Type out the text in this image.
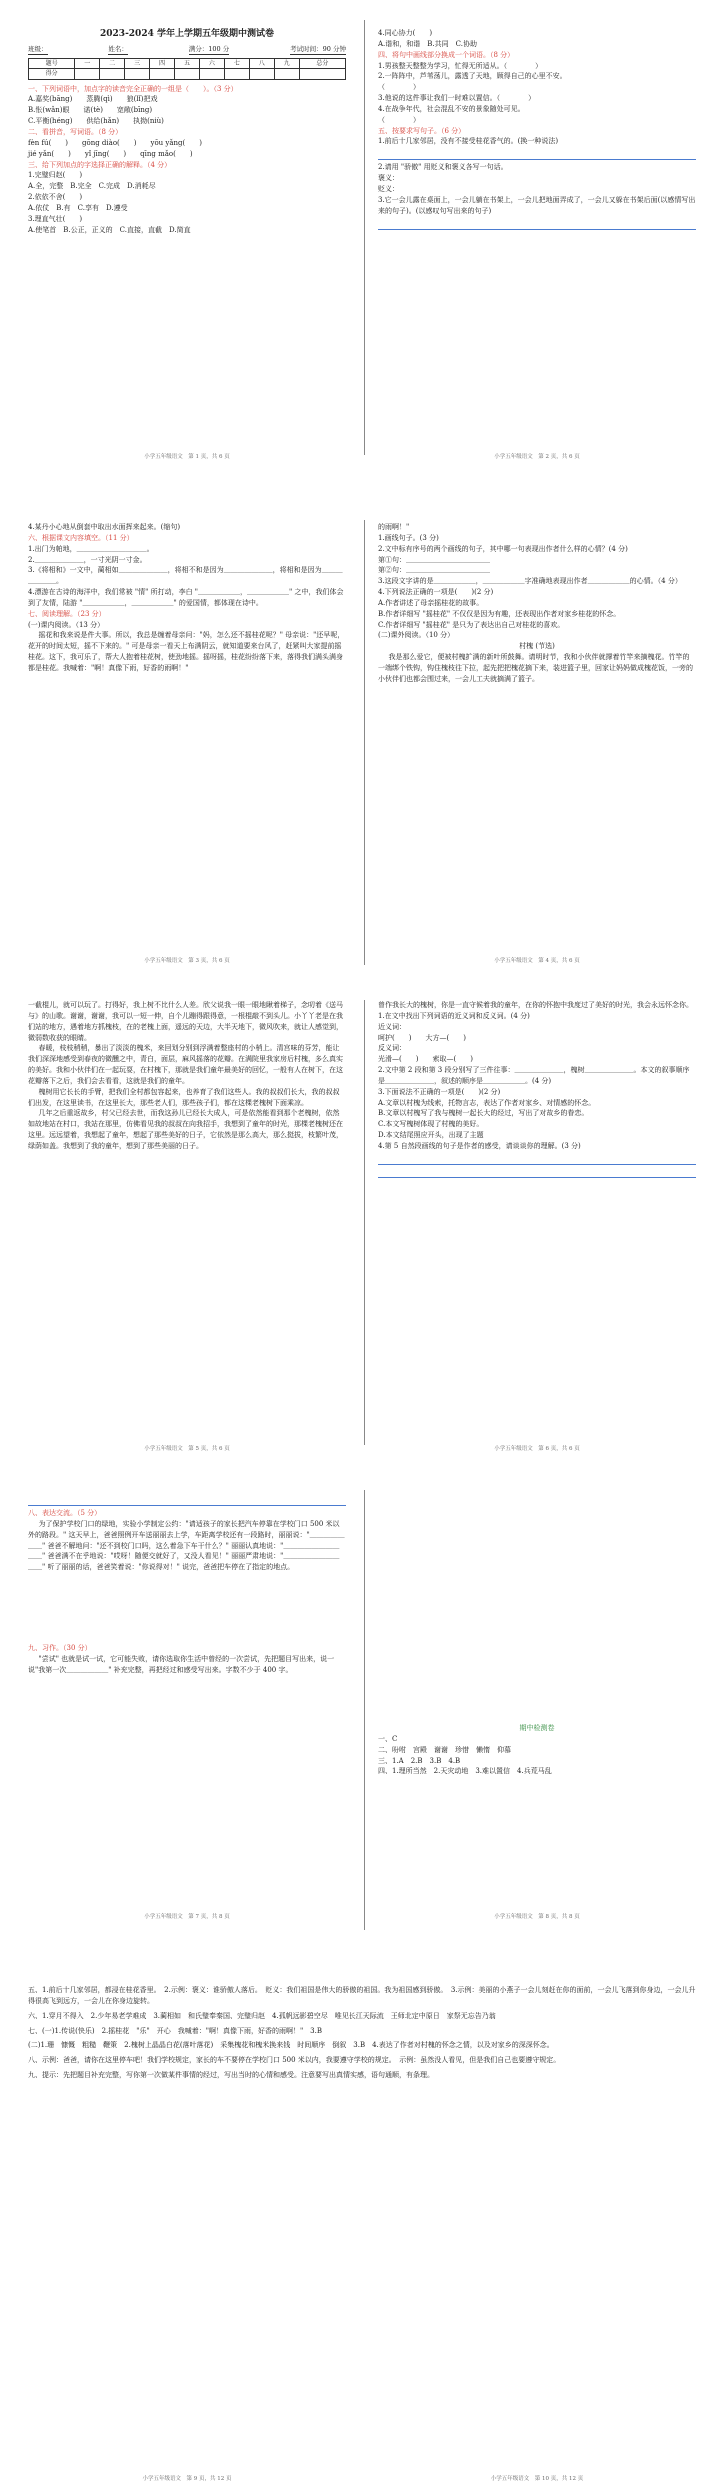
2023-2024 学年上学期五年级期中测试卷
班级：	姓名：	满分：100 分	考试时间：90 分钟
题号	一	二	三	四	五	六	七	八	九	总分
得分										

一、下列词语中，加点字的读音完全正确的一组是（　　）。（3 分）

A.嘉奖(bāng)　　蒸腾(qì)　　狼(lǐ)把戏

B.怅(wǎn)眼　　诺(tè)　　宽敞(bīng)

C.平衡(hénɡ)　　供给(hǎn)　　执拗(niù)

二、看拼音，写词语。（8 分）

fèn fú(　　)　　gōng diào(　　)　　yōu yǎng(　　)

jié yǎn(　　)　　yǐ jīng(　　)　　qīng mǎo(　　)

三、给下列加点的字选择正确的解释。（4 分）

1.完璧归赵(　　)

A.全，完整　B.完全　C.完成　D.消耗尽

2.依依不舍(　　)

A.依仗　B.有　C.享有　D.遵受

3.理直气壮(　　)

A.使笔首　B.公正，正义的　C.直接，直截　D.简直

小学五年级语文　第 1 页，共 6 页

4.同心协力(　　)

A.谐和，和谐　B.共同　C.协助

四、将句中画线部分换成一个词语。（8 分）

1.男孩整天整整为学习，忙得无所适从。（　　　　）

2.一阵阵中，芦苇荡儿，露透了天地，顾得自己的心里不安。

（　　　　）

3.他说的这件事让我们一时难以置信。（　　　　）

4.在战争年代，社会混乱不安的景象随处可见。

（　　　　）

五、按要求写句子。（6 分）

1.前后十几家邻居，没有不接受桂花香气的。(换一种说法)

2.请用 "骄傲" 用贬义和褒义各写一句话。

褒义：

贬义：

3.它一会儿露在桌面上，一会儿躺在书架上，一会儿把地面弄成了，一会儿又躲在书架后面(以感情写出来的句子)。(以感叹句写出来的句子)

小学五年级语文　第 2 页，共 6 页

4.某丹小心地从倒套中取出水面挥来起来。(缩句)

六、根据课文内容填空。（11 分）

1.出门为帕地，＿＿＿＿＿＿＿＿＿＿。

2.＿＿＿＿＿＿＿，一寸光阴一寸金。

3.《将相和》一文中，蔺相如＿＿＿＿＿＿＿，将相不和是因为＿＿＿＿＿＿＿，将相和是因为＿＿＿＿＿＿＿。

4.漂游在古诗的海洋中，我们常被 "情" 所打动，李白 "＿＿＿＿＿＿，＿＿＿＿＿＿" 之中，我们体会到了友情，陆游 "＿＿＿＿＿＿，＿＿＿＿＿＿" 的爱国情，都体现在诗中。

七、阅读理解。（23 分）

(一)课内阅读。（13 分）

摇花和我来说是件大事。所以，我总是缠着母亲问："妈，怎么还不摇桂花呢？" 母亲说："还早呢，花开的时间太短，摇不下来的。" 可是母亲一看天上布满阴云，就知道要来台风了，赶紧叫大家提前摇桂花。这下，我可乐了，帮大人抱着桂花树，使劲地摇。摇呀摇，桂花纷纷落下来，落得我们满头满身都是桂花。我喊着："啊！真像下雨，好香的雨啊！"

小学五年级语文　第 3 页，共 6 页

的雨啊！"

1.画线句子。(3 分)

2.文中标有序号的两个画线的句子，其中哪一句表现出作者什么样的心情？(4 分)

第①句：＿＿＿＿＿＿＿＿＿＿＿＿

第②句：＿＿＿＿＿＿＿＿＿＿＿＿

3.这段文字讲的是＿＿＿＿＿＿，＿＿＿＿＿＿字准确地表现出作者＿＿＿＿＿＿的心情。（4 分）

4.下列说法正确的一项是(　　)(2 分)

A.作者讲述了母亲摇桂花的故事。

B.作者详细写 "摇桂花" 不仅仅是因为有趣，还表现出作者对家乡桂花的怀念。

C.作者详细写 "摇桂花" 是只为了表达出自己对桂花的喜欢。

(二)课外阅读。（10 分）

村槐 (节选)

我是那么爱它，便被村槐扩满的新叶所鼓舞。请明时节，我和小伙伴就撑着竹竿来摘槐花。竹竿的一端绑个铁钩，钩住槐枝往下拉，起先把把槐花摘下来，装进篮子里，回家让妈妈做成槐花饭，一旁的小伙伴们也都会围过来，一会儿工夫就摘满了篮子。

小学五年级语文　第 4 页，共 6 页

一截棍儿，就可以玩了。打得好，我上树不比什么人差。欣父说我一眼一眼地瞅着梯子，念叨着《送马与》的山歌。谢谢，谢谢，我可以一短一伸，自个儿蹦得跟得意，一根棍敲不到头儿。小丫丫老是在我们站的地方，遇着地方抓槐枝，在的老槐上面，遥远的天边，大半天地下，微风吹来，就让人感觉到，微弱数收获的眼睛。

春暖，枝枝稍稍，暴出了淡淡的槐米，来回划分别到浮满着整座村的小梢上。清宫味的芬芳，能让我们深深地感受到春夜的微醺之中，青白，面层，麻风摇落的花瓣。在满院里我家房后村槐，多么真实的美好。我和小伙伴们在一起玩耍，在村槐下，那就是我们童年最美好的回忆，一般有人在树下，在这花瓣落下之后，我们会去看看，这就是我们的童年。

槐树用它长长的手臂，把我们全村都包容起来，也养育了我们这些人。我的叔叔们长大，我的叔叔们出发，在这里读书，在这里长大，那些老人们，那些孩子们，都在这棵老槐树下面乘凉。

几年之后重返故乡，村父已经去世，而我这孙儿已经长大成人，可是依然能看到那个老槐树，依然如故地站在村口，我站在那里，仿佛看见我的叔叔在向我招手，我想到了童年的时光，那棵老槐树还在这里。远远望着，我想起了童年，想起了那些美好的日子，它依然是那么高大，那么挺拔，枝繁叶茂，绿荫如盖。我想到了我的童年，想到了那些美丽的日子。

小学五年级语文　第 5 页，共 6 页

曾作我长大的槐树，你是一直守候着我的童年，在你的怀抱中我度过了美好的时光，我会永远怀念你。

1.在文中找出下列词语的近义词和反义词。(4 分)

近义词：

呵护(　　)　　大方—(　　)

反义词：

光滑—(　　)　　索取—(　　)

2.文中第 2 段和第 3 段分别写了三件往事：＿＿＿＿＿＿＿，槐树＿＿＿＿＿＿＿。本文的叙事顺序是＿＿＿＿＿＿＿，叙述的顺序是＿＿＿＿＿＿。(4 分)

3.下面说法不正确的一项是(　　)(2 分)

A.文章以村槐为线索，托物言志，表达了作者对家乡、对情感的怀念。

B.文章以村槐写了我与槐树一起长大的经过，写出了对故乡的眷恋。

C.本文写槐树体现了村槐的美好。

D.本文结尾照应开头，出现了主题

4.第 5 自然段画线的句子是作者的感受，请谈谈你的理解。(3 分)

小学五年级语文　第 6 页，共 6 页

八、表达交流。（5 分）

为了保护学校门口的绿地，实验小学制定公约："请适孩子的家长把汽车停靠在学校门口 500 米以外的路段。" 这天早上，爸爸照例开车送丽丽去上学，车距离学校还有一段路时，丽丽说："＿＿＿＿＿＿＿" 爸爸不解地问："还不到校门口吗，这么着急下车干什么？" 丽丽认真地说："＿＿＿＿＿＿＿＿＿＿" 爸爸满不在乎地说："哎呀！随便交就好了，又没人看见！" 丽丽严肃地说："＿＿＿＿＿＿＿＿＿＿" 听了丽丽的话，爸爸笑着说："你说得对！" 说完，爸爸把车停在了指定的地点。

九、习作。（30 分）

"尝试" 也就是试一试，它可能失败，请你选取你生活中曾经的一次尝试，先把题目写出来，说一说"我第一次＿＿＿＿＿＿" 补充完整，再把经过和感受写出来。字数不少于 400 字。

小学五年级语文　第 7 页，共 8 页
期中检测卷

一、C

二、吩咐　宫殿　谢谢　珍惜　懒惰　仰慕

三、1.A　2.B　3.B　4.B

四、1.理所当然　2.天灾动地　3.难以置信　4.兵荒马乱

小学五年级语文　第 8 页，共 8 页

五、1.前后十几家邻居，都浸在桂花香里。　2.示例：褒义：谁骄傲人落后。　贬义：我们祖国是伟大的骄傲的祖国。我为祖国感到骄傲。　3.示例：美丽的小燕子一会儿刻赶在你的面前，一会儿飞落到你身边，一会儿升得很高飞到远方，一会儿在你身边旋转。

六、1.穿月不得入　2.少年易老学难成　3.蔺相如　和氏璧奉秦国、完璧归赵　4.孤帆远影碧空尽　唯见长江天际流　王师北定中原日　家祭无忘告乃翁

七、(一)1.传说(快乐)　2.摇桂花　"乐"　开心　我喊着："啊！真像下雨，好香的雨啊！"　3.B

(二)1.珊　慷慨　粗糙　鞭策　2.槐树上晶晶白花(落叶落花)　采集槐花和槐米换来钱　时间顺序　倒叙　3.B　4.表达了作者对村槐的怀念之情，以及对家乡的深深怀念。

八、示例：爸爸，请你在这里停车吧！我们学校规定，家长的车不要停在学校门口 500 米以内，我要遵守学校的规定。　示例：虽然没人看见，但是我们自己也要遵守规定。

九、提示：先把题目补充完整，写你第一次做某件事情的经过，写出当时的心情和感受。注意要写出真情实感，语句通顺，有条理。

小学五年级语文　第 9 页，共 12 页	小学五年级语文　第 10 页，共 12 页
